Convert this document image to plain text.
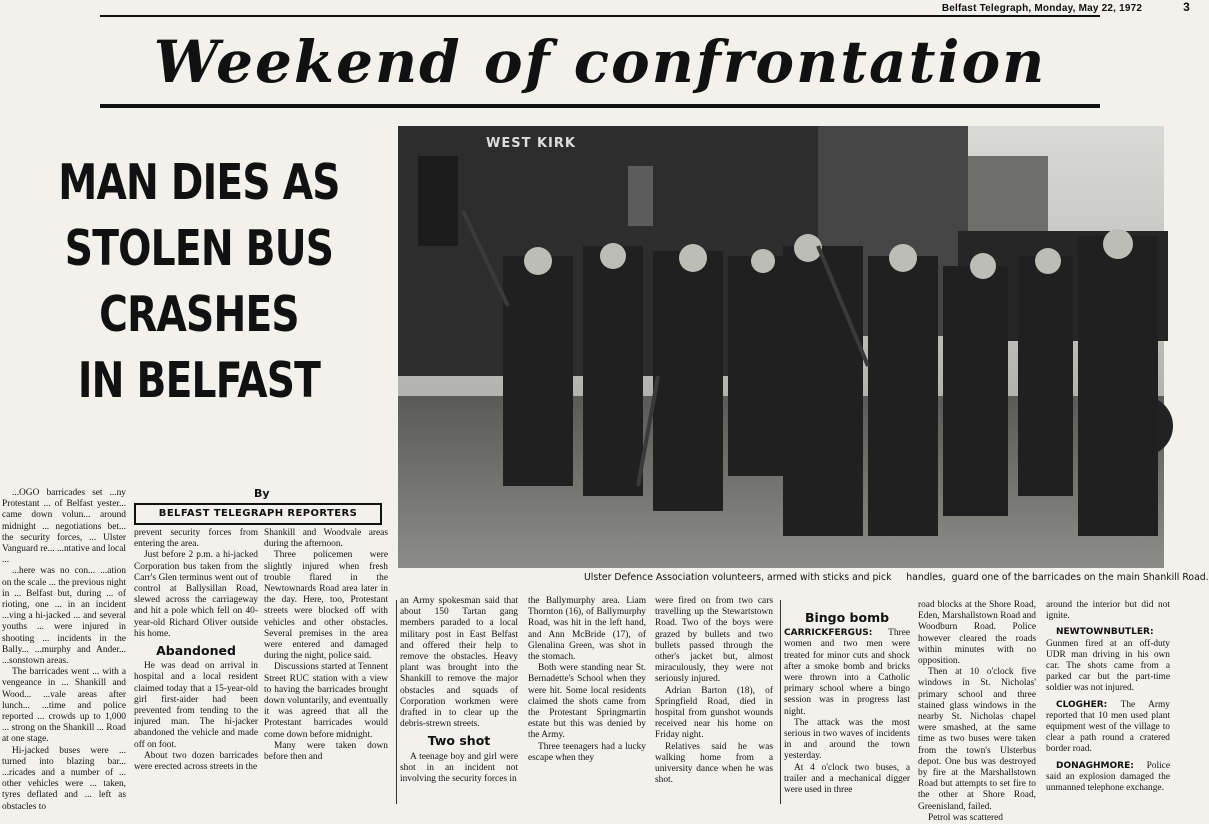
Belfast Telegraph, Monday, May 22, 1972	3
Weekend of confrontation
MAN DIES AS
STOLEN BUS
CRASHES
IN BELFAST
By
BELFAST TELEGRAPH REPORTERS
WEST KIRK
Ulster Defence Association volunteers, armed with sticks and pick     handles,  guard one of the barricades on the main Shankill Road.

...OGO barricades set ...ny Protestant ... of Belfast yester... came down volun... around midnight ... negotiations bet... the security forces, ... Ulster Vanguard re... ...ntative and local ...

...here was no con... ...ation on the scale ... the previous night in ... Belfast but, during ... of rioting, one ... in an incident ...ving a hi-jacked ... and several youths ... were injured in shooting ... incidents in the Bally... ...murphy and Ander... ...sonstown areas.

The barricades went ... with a vengeance in ... Shankill and Wood... ...vale areas after lunch... ...time and police reported ... crowds up to 1,000 ... strong on the Shankill ... Road at one stage.

Hi-jacked buses were ... turned into blazing bar... ...ricades and a number of ... other vehicles were ... taken, tyres deflated and ... left as obstacles to

prevent security forces from entering the area.

Just before 2 p.m. a hi-jacked Corporation bus taken from the Carr's Glen terminus went out of control at Ballysillan Road, slewed across the carriageway and hit a pole which fell on 40-year-old Richard Oliver outside his home.

Abandoned

He was dead on arrival in hospital and a local resident claimed today that a 15-year-old girl first-aider had been prevented from tending to the injured man. The hi-jacker abandoned the vehicle and made off on foot.

About two dozen barricades were erected across streets in the

Shankill and Woodvale areas during the afternoon.

Three policemen were slightly injured when fresh trouble flared in the Newtownards Road area later in the day. Here, too, Protestant streets were blocked off with vehicles and other obstacles. Several premises in the area were entered and damaged during the night, police said.

Discussions started at Tennent Street RUC station with a view to having the barricades brought down voluntarily, and eventually it was agreed that all the Protestant barricades would come down before midnight.

Many were taken down before then and

an Army spokesman said that about 150 Tartan gang members paraded to a local military post in East Belfast and offered their help to remove the obstacles. Heavy plant was brought into the Shankill to remove the major obstacles and squads of Corporation workmen were drafted in to clear up the debris-strewn streets.

Two shot

A teenage boy and girl were shot in an incident not involving the security forces in

the Ballymurphy area. Liam Thornton (16), of Ballymurphy Road, was hit in the left hand, and Ann McBride (17), of Glenalina Green, was shot in the stomach.

Both were standing near St. Bernadette's School when they were hit. Some local residents claimed the shots came from the Protestant Springmartin estate but this was denied by the Army.

Three teenagers had a lucky escape when they

were fired on from two cars travelling up the Stewartstown Road. Two of the boys were grazed by bullets and two bullets passed through the other's jacket but, almost miraculously, they were not seriously injured.

Adrian Barton (18), of Springfield Road, died in hospital from gunshot wounds received near his home on Friday night.

Relatives said he was walking home from a university dance when he was shot.

Bingo bomb

CARRICKFERGUS: Three women and two men were treated for minor cuts and shock after a smoke bomb and bricks were thrown into a Catholic primary school where a bingo session was in progress last night.

The attack was the most serious in two waves of incidents in and around the town yesterday.

At 4 o'clock two buses, a trailer and a mechanical digger were used in three

road blocks at the Shore Road, Eden, Marshallstown Road and Woodburn Road. Police however cleared the roads within minutes with no opposition.

Then at 10 o'clock five windows in St. Nicholas' primary school and three stained glass windows in the nearby St. Nicholas chapel were smashed, at the same time as two buses were taken from the town's Ulsterbus depot. One bus was destroyed by fire at the Marshallstown Road but attempts to set fire to the other at Shore Road, Greenisland, failed.

Petrol was scattered

around the interior but did not ignite.

NEWTOWNBUTLER: Gunmen fired at an off-duty UDR man driving in his own car. The shots came from a parked car but the part-time soldier was not injured.

CLOGHER: The Army reported that 10 men used plant equipment west of the village to clear a path round a cratered border road.

DONAGHMORE: Police said an explosion damaged the unmanned telephone exchange.
